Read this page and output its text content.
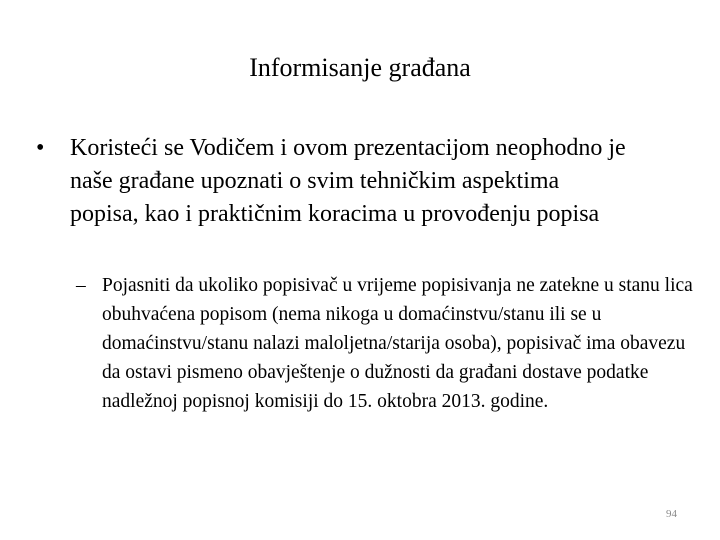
Informisanje građana
•	Koristeći se Vodičem i ovom prezentacijom neophodno je naše građane upoznati o svim tehničkim aspektima popisa, kao i praktičnim koracima u provođenju popisa
– Pojasniti da ukoliko popisivač u vrijeme popisivanja ne zatekne u stanu lica obuhvaćena popisom (nema nikoga u domaćinstvu/stanu ili se u domaćinstvu/stanu nalazi maloljetna/starija osoba), popisivač ima obavezu da ostavi pismeno obavještenje o dužnosti da građani dostave podatke nadležnoj popisnoj komisiji do 15. oktobra 2013. godine.
94
